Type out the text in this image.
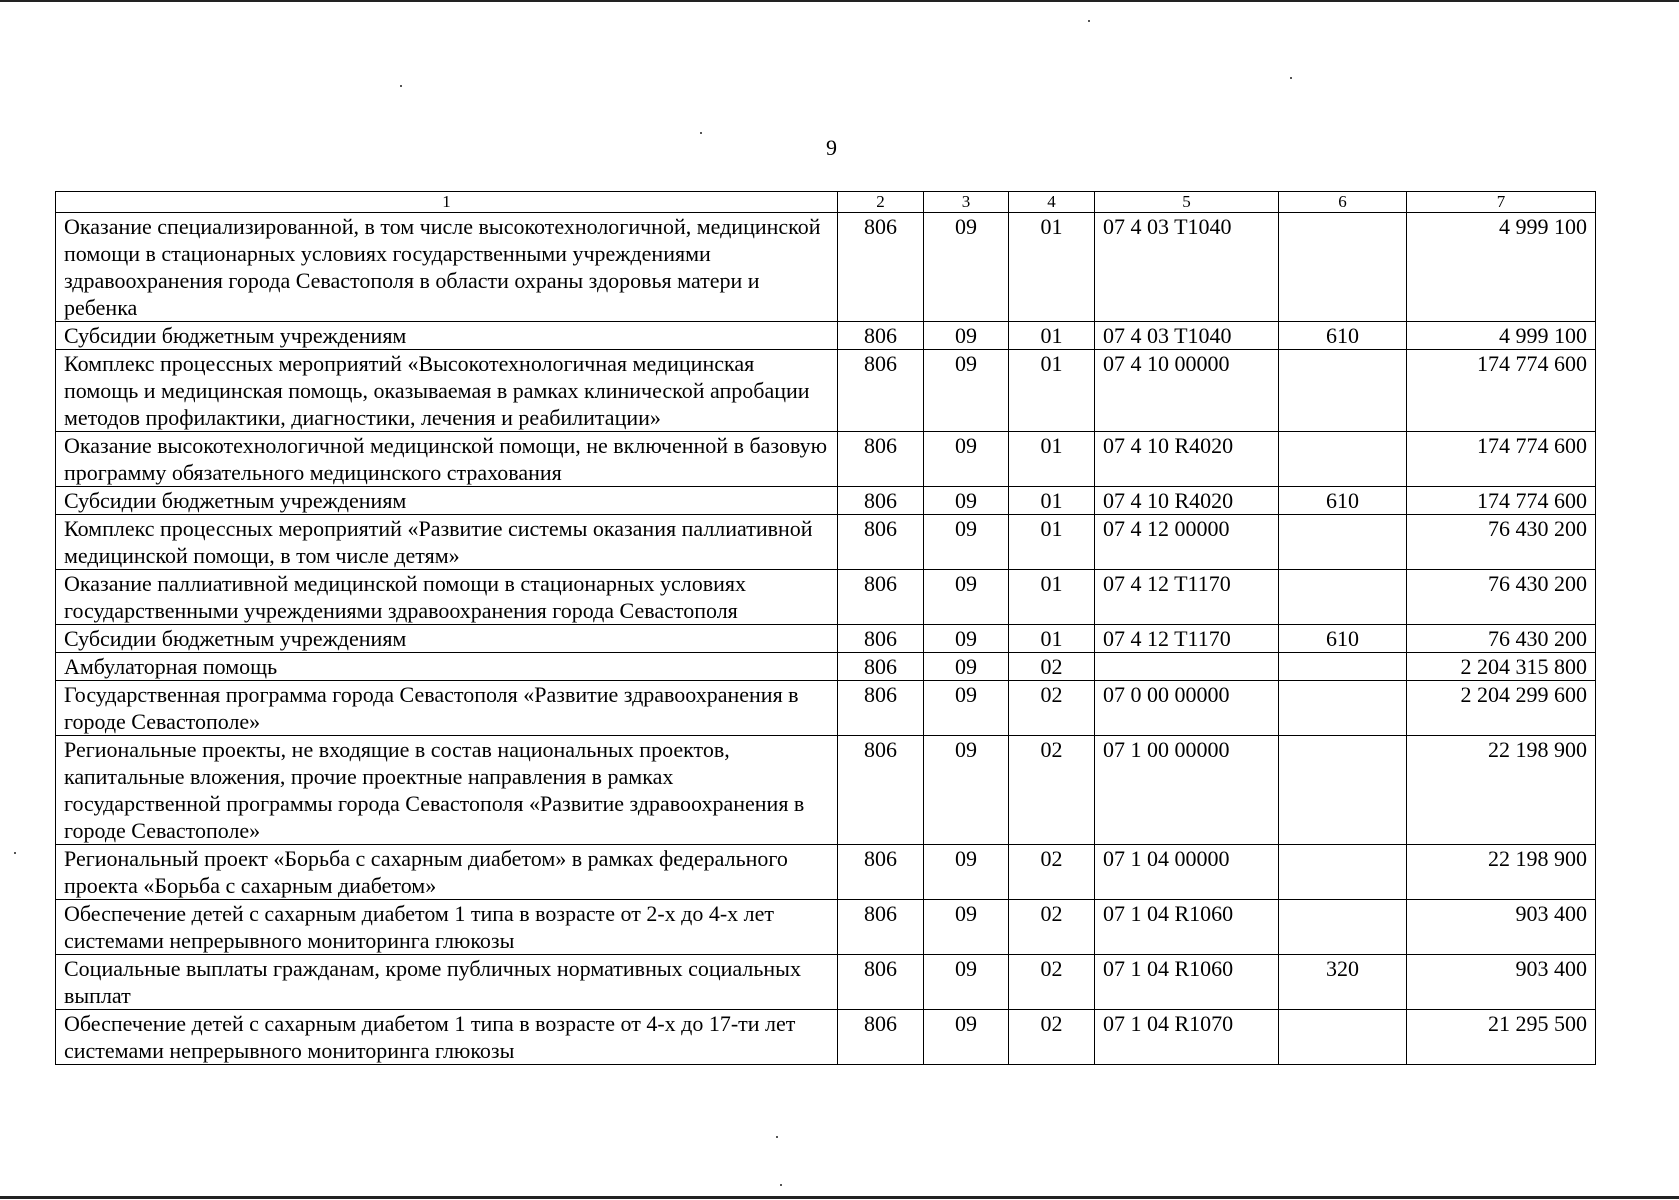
9
1	2	3	4	5	6	7
Оказание специализированной, в том числе высокотехнологичной, медицинской помощи в стационарных условиях государственными учреждениями здравоохранения города Севастополя в области охраны здоровья матери и ребенка	806	09	01	07 4 03 T1040		4 999 100
Субсидии бюджетным учреждениям	806	09	01	07 4 03 T1040	610	4 999 100
Комплекс процессных мероприятий «Высокотехнологичная медицинская помощь и медицинская помощь, оказываемая в рамках клинической апробации методов профилактики, диагностики, лечения и реабилитации»	806	09	01	07 4 10 00000		174 774 600
Оказание высокотехнологичной медицинской помощи, не включенной в базовую программу обязательного медицинского страхования	806	09	01	07 4 10 R4020		174 774 600
Субсидии бюджетным учреждениям	806	09	01	07 4 10 R4020	610	174 774 600
Комплекс процессных мероприятий «Развитие системы оказания паллиативной медицинской помощи, в том числе детям»	806	09	01	07 4 12 00000		76 430 200
Оказание паллиативной медицинской помощи в стационарных условиях государственными учреждениями здравоохранения города Севастополя	806	09	01	07 4 12 T1170		76 430 200
Субсидии бюджетным учреждениям	806	09	01	07 4 12 T1170	610	76 430 200
Амбулаторная помощь	806	09	02			2 204 315 800
Государственная программа города Севастополя «Развитие здравоохранения в городе Севастополе»	806	09	02	07 0 00 00000		2 204 299 600
Региональные проекты, не входящие в состав национальных проектов, капитальные вложения, прочие проектные направления в рамках государственной программы города Севастополя «Развитие здравоохранения в городе Севастополе»	806	09	02	07 1 00 00000		22 198 900
Региональный проект «Борьба с сахарным диабетом» в рамках федерального проекта «Борьба с сахарным диабетом»	806	09	02	07 1 04 00000		22 198 900
Обеспечение детей с сахарным диабетом 1 типа в возрасте от 2-х до 4-х лет системами непрерывного мониторинга глюкозы	806	09	02	07 1 04 R1060		903 400
Социальные выплаты гражданам, кроме публичных нормативных социальных выплат	806	09	02	07 1 04 R1060	320	903 400
Обеспечение детей с сахарным диабетом 1 типа в возрасте от 4-х до 17-ти лет системами непрерывного мониторинга глюкозы	806	09	02	07 1 04 R1070		21 295 500
